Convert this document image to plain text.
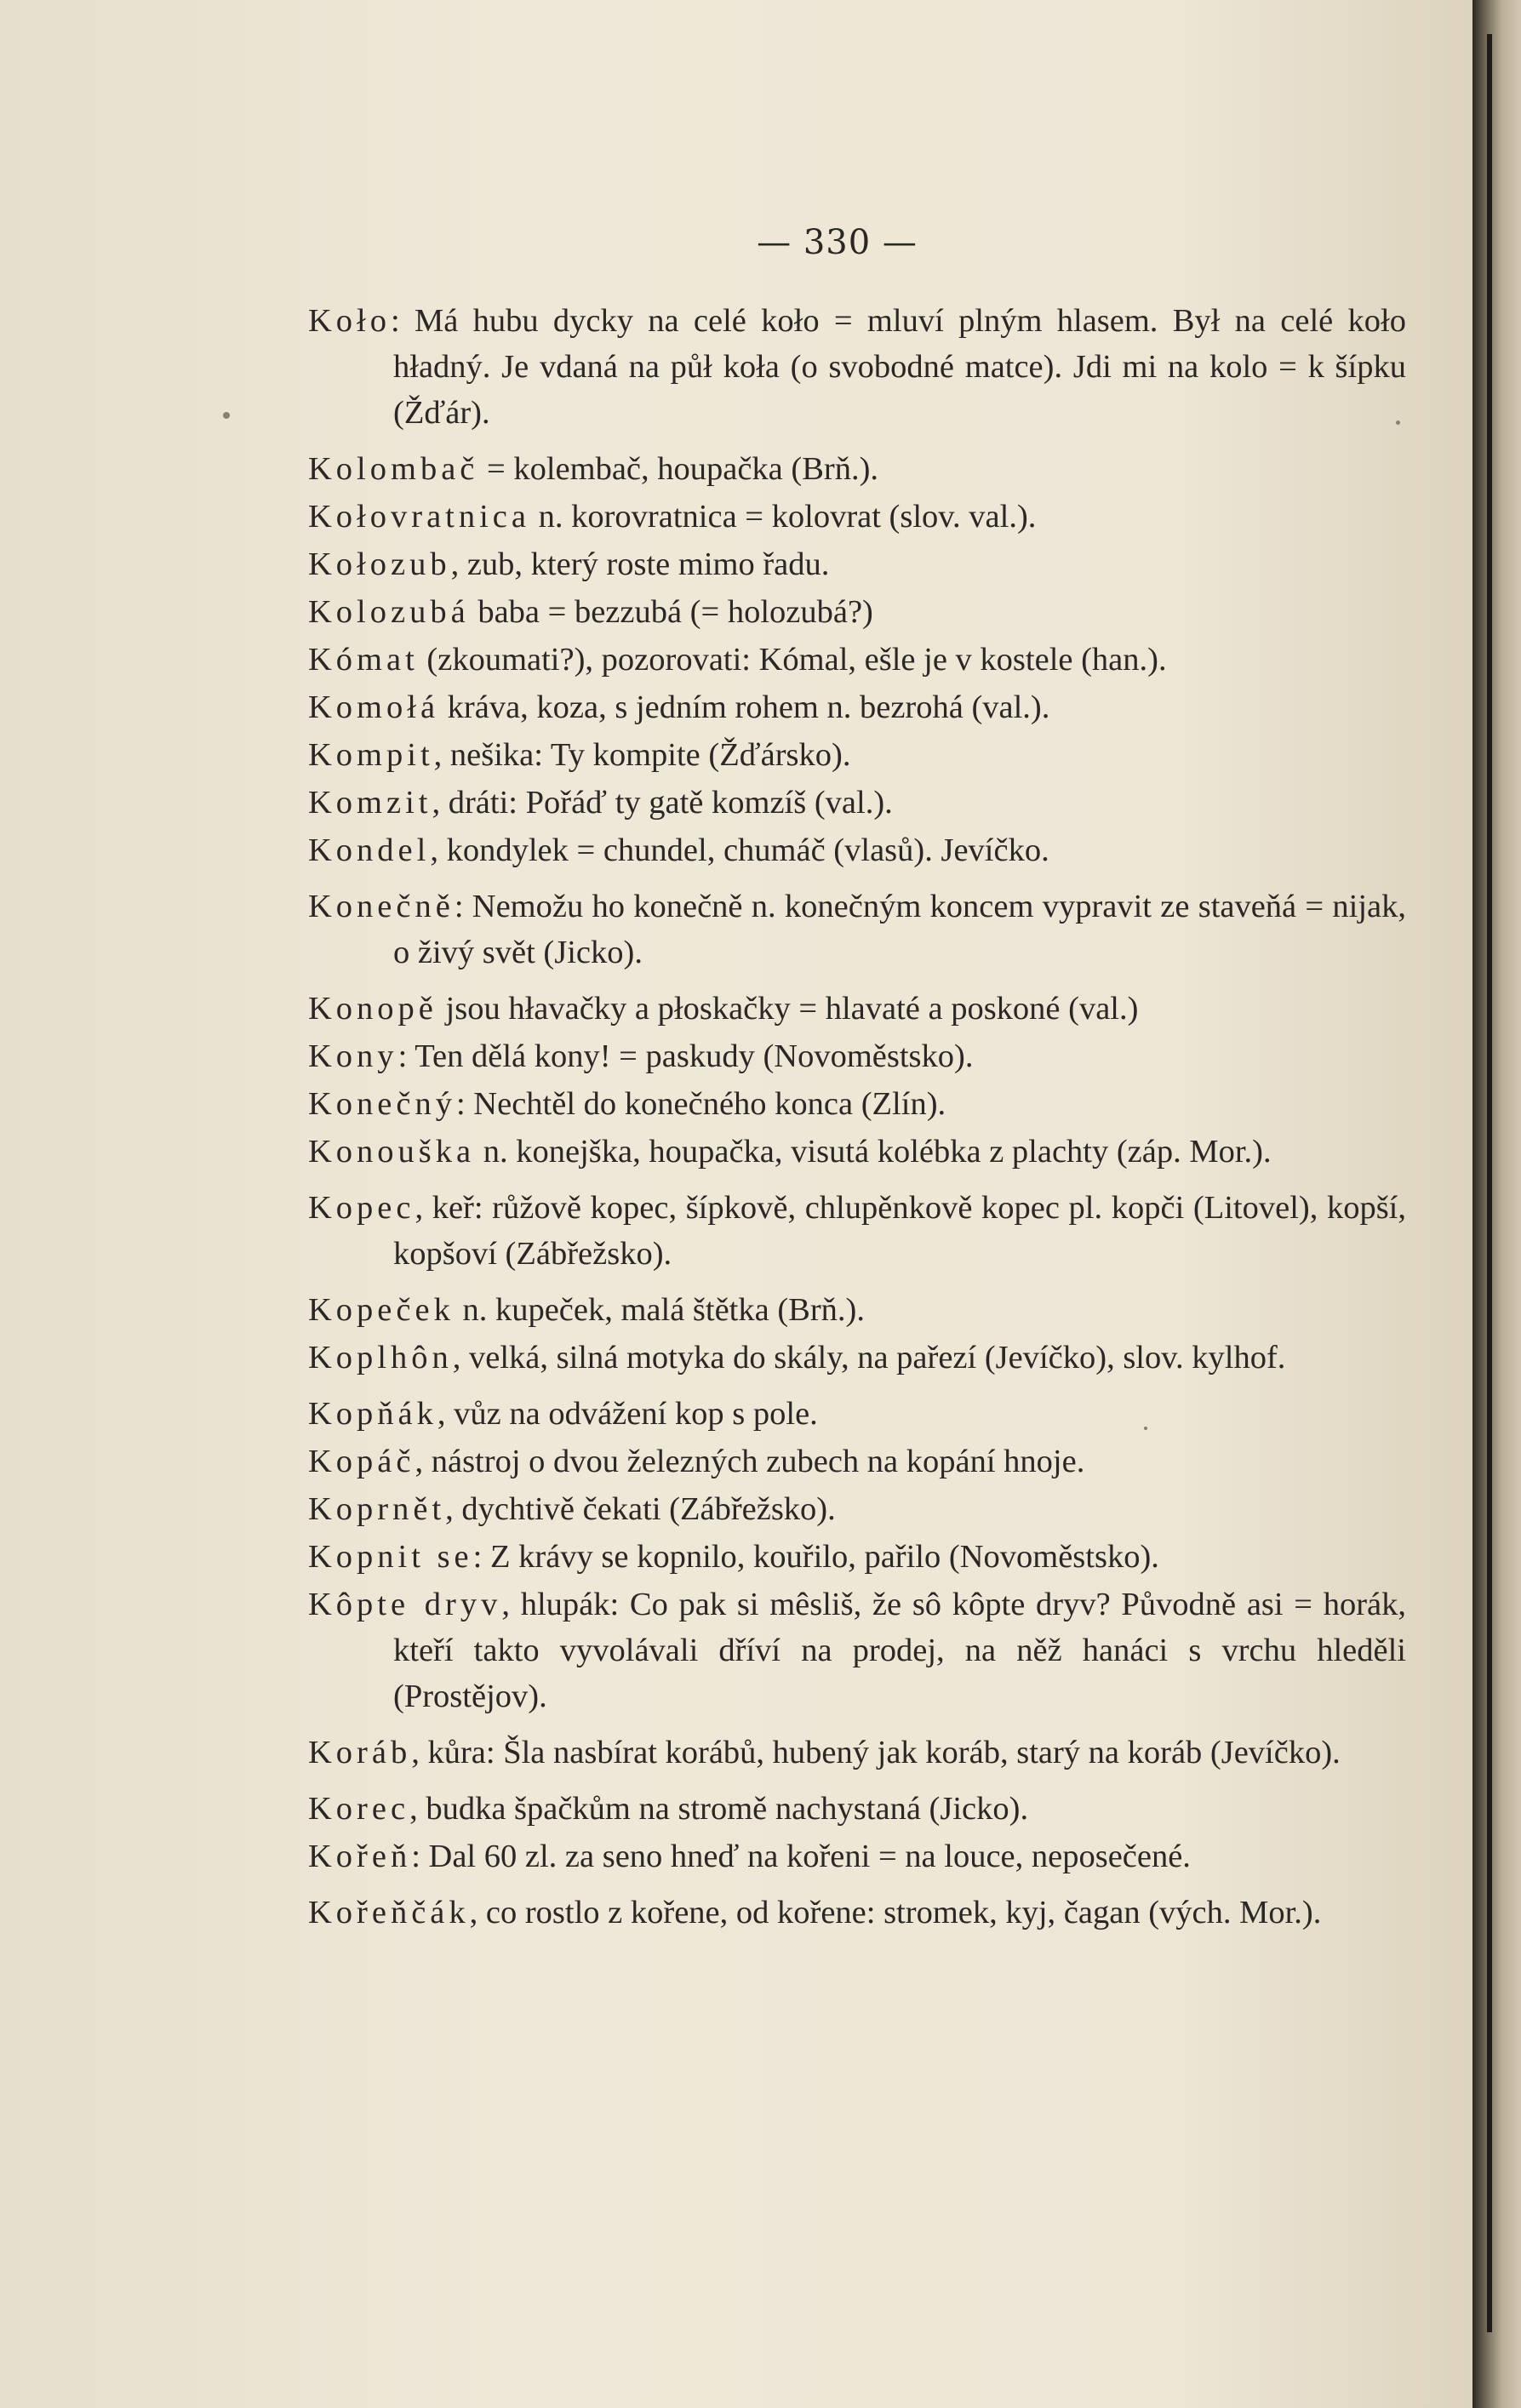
— 330 —
Koło: Má hubu dycky na celé koło = mluví plným hlasem. Był na celé koło hładný. Je vdaná na půł koła (o svobodné matce). Jdi mi na kolo = k šípku (Žďár).
Kolombač = kolembač, houpačka (Brň.).
Kołovratnica n. korovratnica = kolovrat (slov. val.).
Kołozub, zub, který roste mimo řadu.
Kolozubá baba = bezzubá (= holozubá?)
Kómat (zkoumati?), pozorovati: Kómal, ešle je v kostele (han.).
Komołá kráva, koza, s jedním rohem n. bezrohá (val.).
Kompit, nešika: Ty kompite (Žďársko).
Komzit, dráti: Pořáď ty gatě komzíš (val.).
Kondel, kondylek = chundel, chumáč (vlasů). Jevíčko.
Konečně: Nemožu ho konečně n. konečným koncem vypravit ze staveňá = nijak, o živý svět (Jicko).
Konopě jsou hłavačky a płoskačky = hlavaté a poskoné (val.)
Kony: Ten dělá kony! = paskudy (Novoměstsko).
Konečný: Nechtěl do konečného konca (Zlín).
Konouška n. konejška, houpačka, visutá kolébka z plachty (záp. Mor.).
Kopec, keř: růžově kopec, šípkově, chlupěnkově kopec pl. kopči (Litovel), kopší, kopšoví (Zábřežsko).
Kopeček n. kupeček, malá štětka (Brň.).
Koplhôn, velká, silná motyka do skály, na pařezí (Jevíčko), slov. kylhof.
Kopňák, vůz na odvážení kop s pole.
Kopáč, nástroj o dvou železných zubech na kopání hnoje.
Koprnět, dychtivě čekati (Zábřežsko).
Kopnit se: Z krávy se kopnilo, kouřilo, pařilo (Novoměstsko).
Kôpte dryv, hlupák: Co pak si mêsliš, že sô kôpte dryv? Původně asi = horák, kteří takto vyvolávali dříví na prodej, na něž hanáci s vrchu hleděli (Prostějov).
Koráb, kůra: Šla nasbírat korábů, hubený jak koráb, starý na koráb (Jevíčko).
Korec, budka špačkům na stromě nachystaná (Jicko).
Kořeň: Dal 60 zl. za seno hneď na kořeni = na louce, neposečené.
Kořeňčák, co rostlo z kořene, od kořene: stromek, kyj, čagan (vých. Mor.).
